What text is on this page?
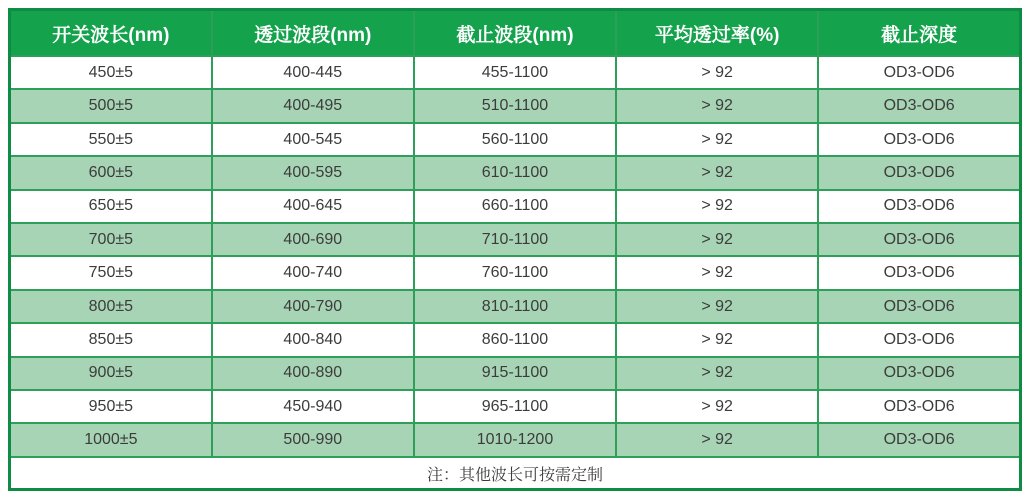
开关波长(nm)	透过波段(nm)	截止波段(nm)	平均透过率(%)	截止深度
450±5	400-445	455-1100	> 92	OD3-OD6
500±5	400-495	510-1100	> 92	OD3-OD6
550±5	400-545	560-1100	> 92	OD3-OD6
600±5	400-595	610-1100	> 92	OD3-OD6
650±5	400-645	660-1100	> 92	OD3-OD6
700±5	400-690	710-1100	> 92	OD3-OD6
750±5	400-740	760-1100	> 92	OD3-OD6
800±5	400-790	810-1100	> 92	OD3-OD6
850±5	400-840	860-1100	> 92	OD3-OD6
900±5	400-890	915-1100	> 92	OD3-OD6
950±5	450-940	965-1100	> 92	OD3-OD6
1000±5	500-990	1010-1200	> 92	OD3-OD6
注：其他波长可按需定制				
